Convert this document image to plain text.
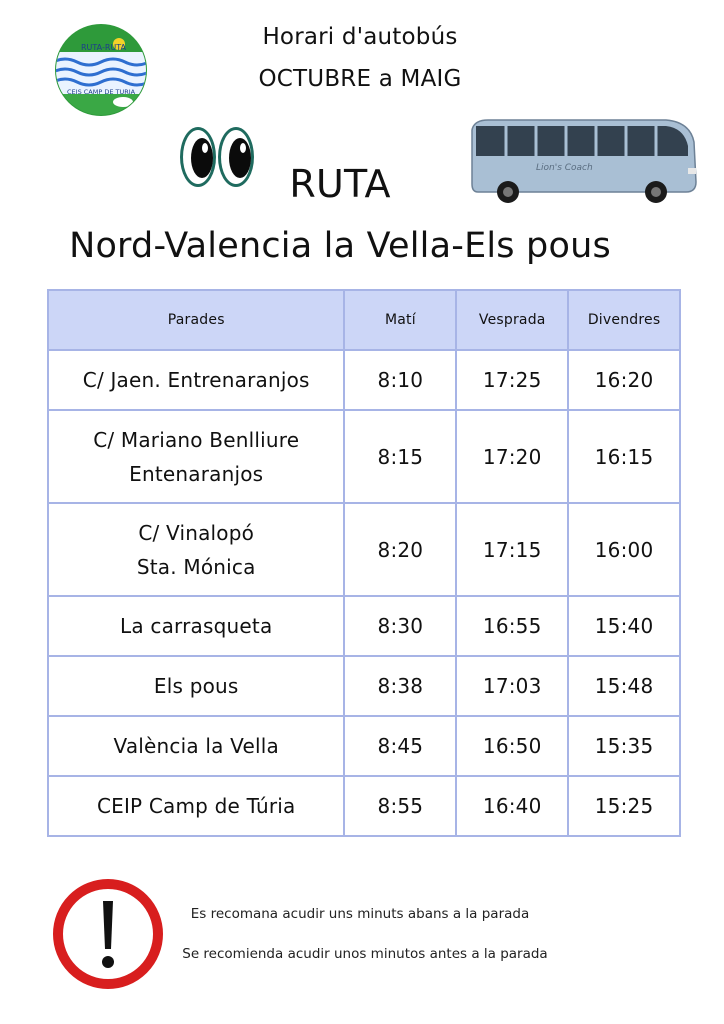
RUTA-RUTA
CEIS CAMP DE TURIA
Horari d'autobús
OCTUBRE a MAIG
Lion's Coach
RUTA
Nord-Valencia la Vella-Els pous
Parades	Matí	Vesprada	Divendres
C/ Jaen. Entrenaranjos	8:10	17:25	16:20
C/ Mariano Benlliure
Entenaranjos	8:15	17:20	16:15
C/ Vinalopó
Sta. Mónica	8:20	17:15	16:00
La carrasqueta	8:30	16:55	15:40
Els pous	8:38	17:03	15:48
València la Vella	8:45	16:50	15:35
CEIP Camp de Túria	8:55	16:40	15:25
Es recomana acudir uns minuts abans a la parada
Se recomienda acudir unos minutos antes a la parada
